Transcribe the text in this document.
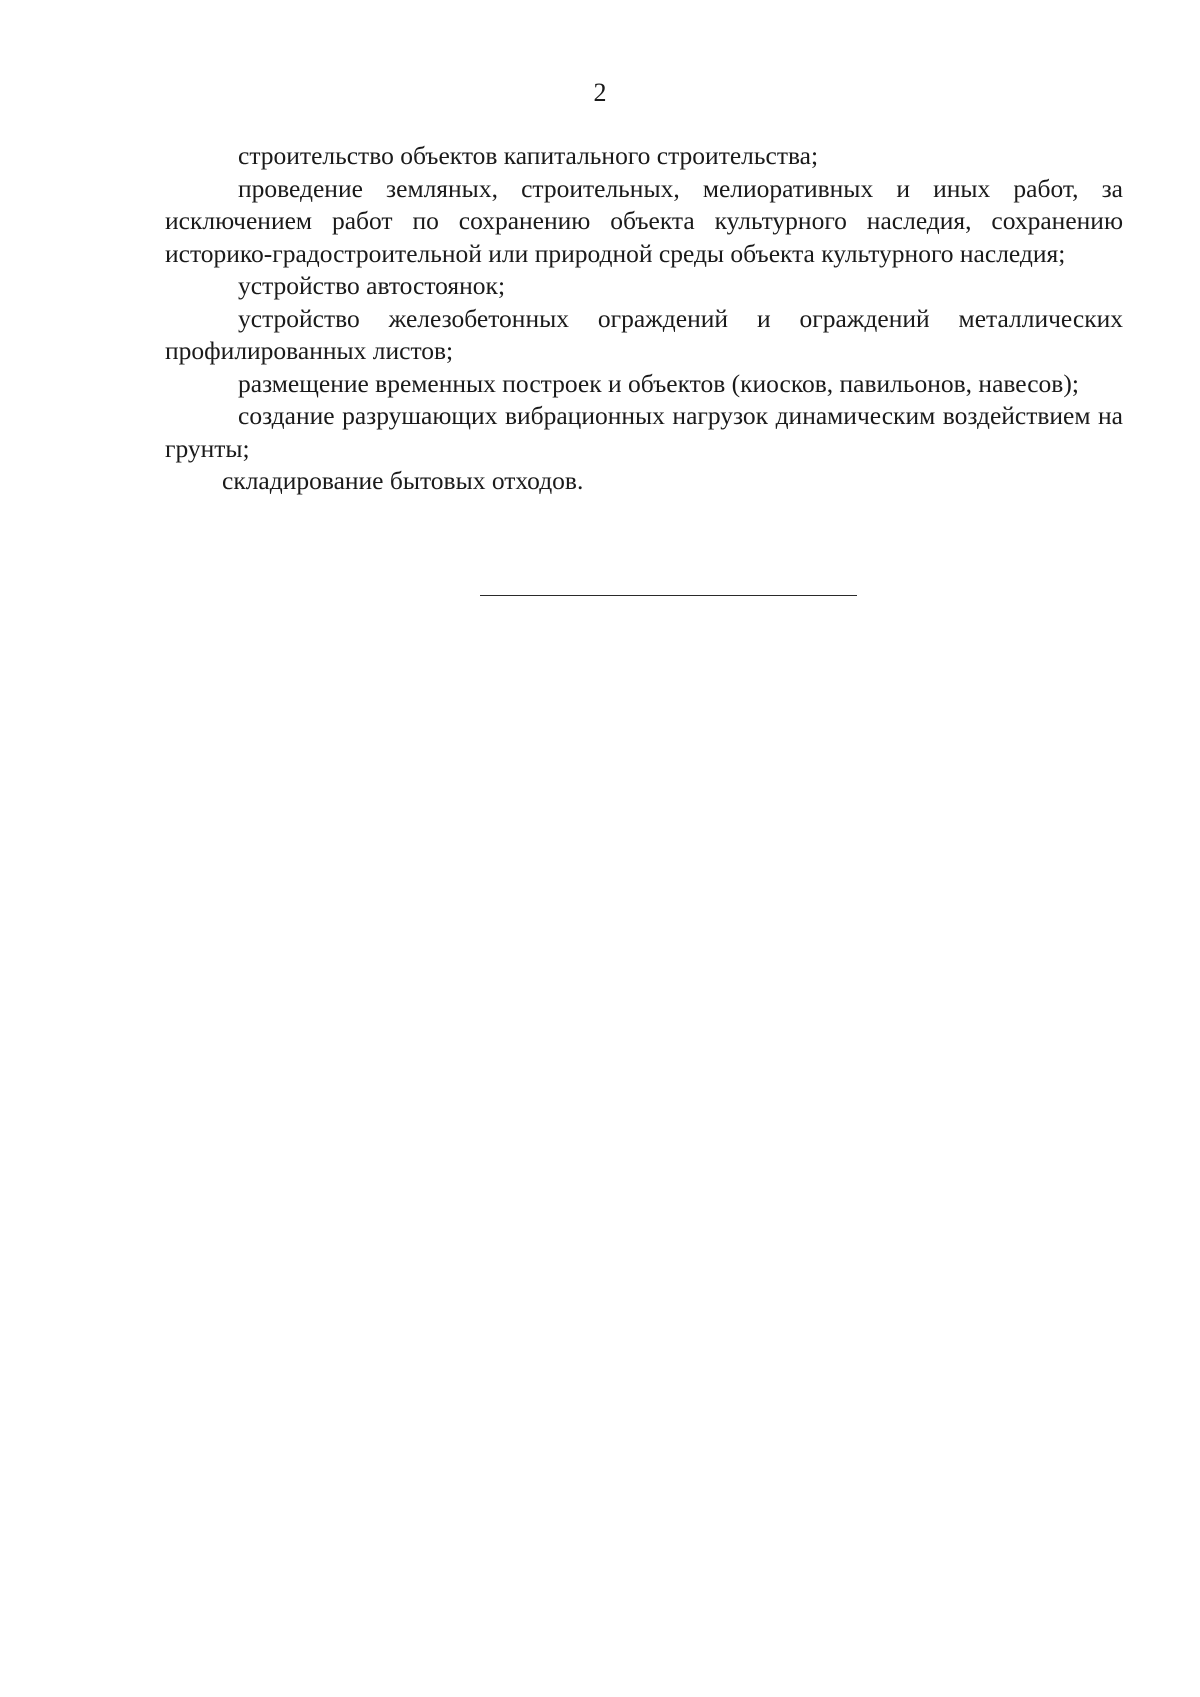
2

строительство объектов капитального строительства;

проведение земляных, строительных, мелиоративных и иных работ, за исключением работ по сохранению объекта культурного наследия, сохранению историко-градостроительной или природной среды объекта культурного наследия;

устройство автостоянок;

устройство железобетонных ограждений и ограждений металлических профилированных листов;

размещение временных построек и объектов (киосков, павильонов, навесов);

создание разрушающих вибрационных нагрузок динамическим воздействием на грунты;

складирование бытовых отходов.
